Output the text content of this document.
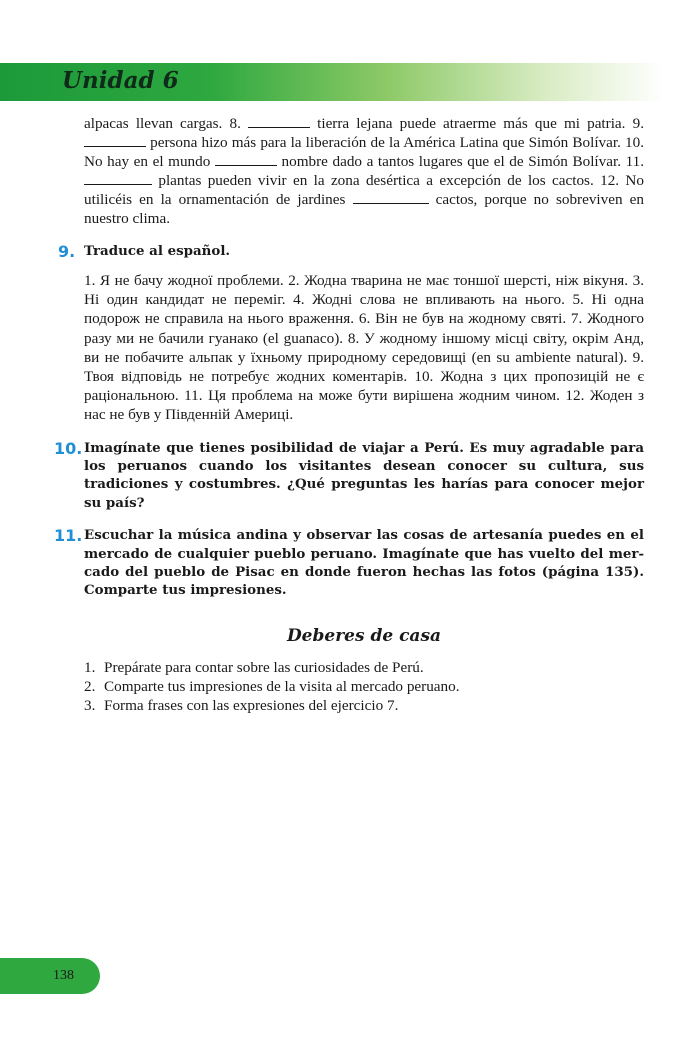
Unidad 6

alpacas llevan cargas. 8.	tierra lejana puede atraerme más que mi patria. 9.  persona hizo más para la liberación de la América Latina que Simón Bolívar. 10. No hay en el mundo	nombre dado a tantos lugares que el de Simón Bolívar. 11.  plantas pueden vivir en la zona desértica a excepción de los cactos. 12. No utilicéis en la ornamentación de jardines	cactos, porque no sobreviven en nuestro clima.

9. Traduce al español.

1. Я не бачу жодної проблеми. 2. Жодна тварина не має тоншої шерсті, ніж вікуня. 3. Ні один кандидат не переміг. 4. Жодні слова не впливають на нього. 5. Ні одна подорож не справила на нього враження. 6. Він не був на жодному святі. 7. Жодного разу ми не бачили гуанако (el guanaco). 8. У жодному іншому місці світу, окрім Анд, ви не побачите альпак у їхньому природному середовищі (en su ambiente natural). 9. Твоя відповідь не потребує жодних коментарів. 10. Жодна з цих пропозицій не є раціональною. 11. Ця проблема на може бути вирішена жодним чином. 12. Жоден з нас не був у Південній Америці.

10. Imagínate que tienes posibilidad de viajar a Perú. Es muy agradable para los peruanos cuando los visitantes desean conocer su cultura, sus tradiciones y costumbres. ¿Qué preguntas les harías para conocer mejor su país?

11. Escuchar la música andina y observar las cosas de artesanía puedes en el mercado de cualquier pueblo peruano. Imagínate que has vuelto del mercado del pueblo de Pisac en donde fueron hechas las fotos (página 135). Comparte tus impresiones.

Deberes de casa
1. Prepárate para contar sobre las curiosidades de Perú.
2. Comparte tus impresiones de la visita al mercado peruano.
3. Forma frases con las expresiones del ejercicio 7.
138
